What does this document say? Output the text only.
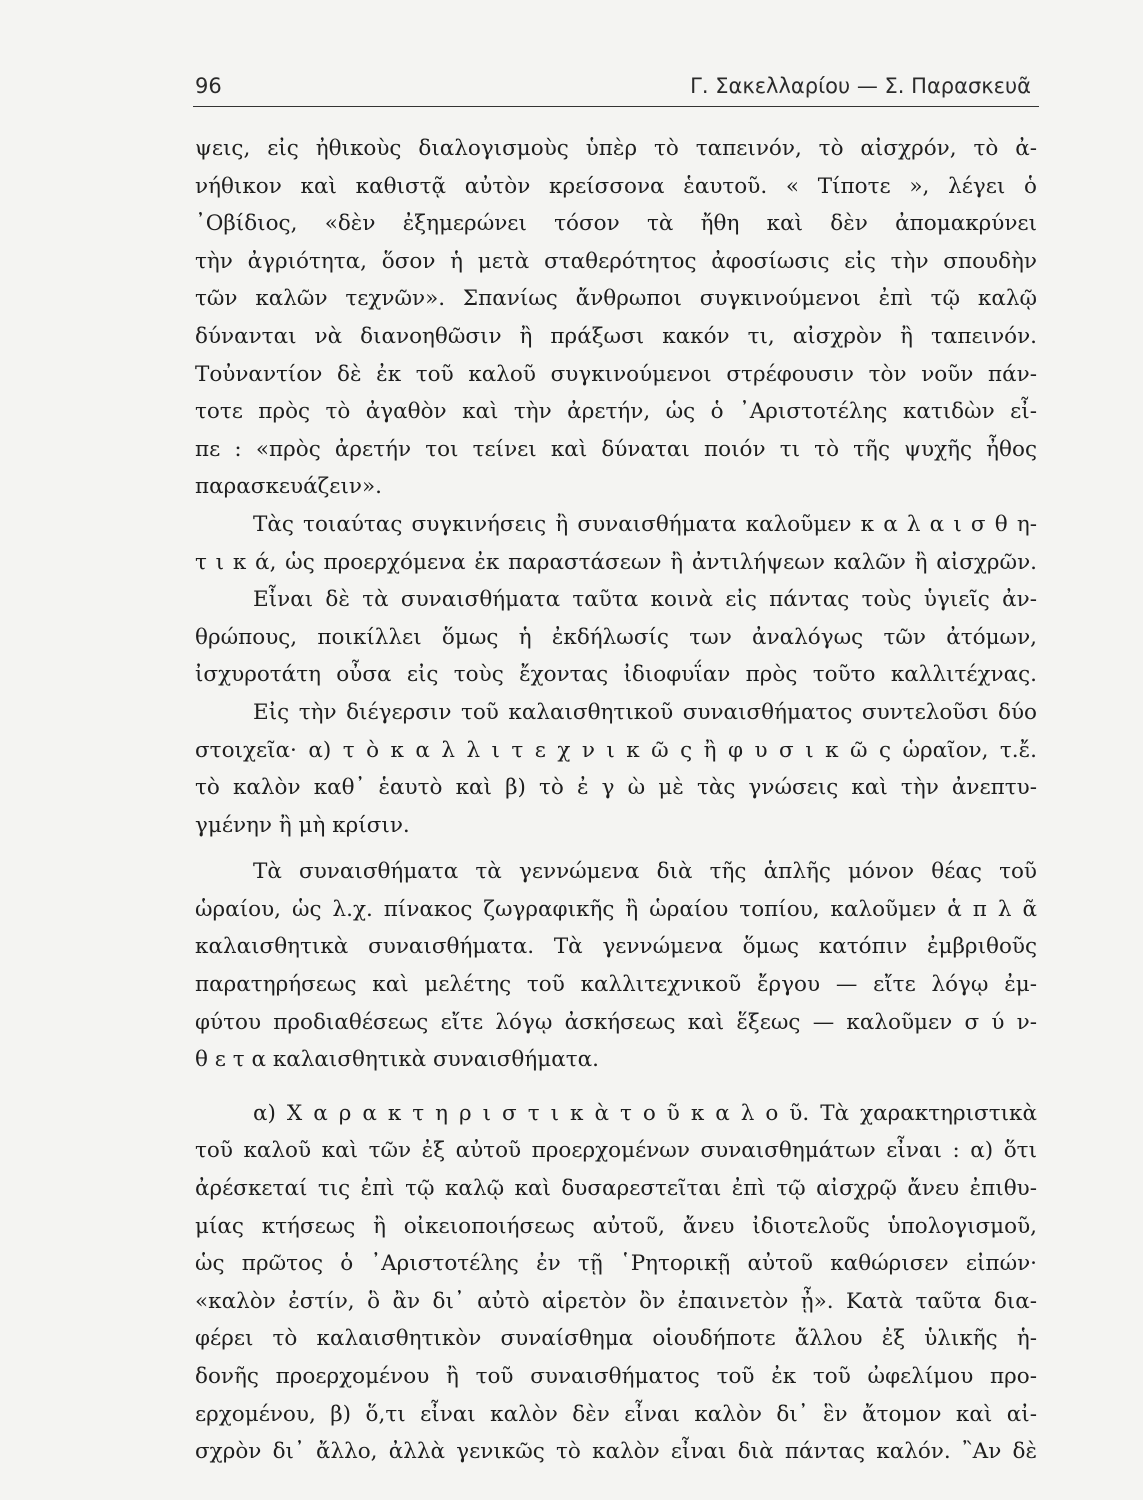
96	Γ. Σακελλαρίου — Σ. Παρασκευᾶ
ψεις, εἰς ἠθικοὺς διαλογισμοὺς ὑπὲρ τὸ ταπεινόν, τὸ αἰσχρόν, τὸ ἀ-
νήθικον καὶ καθιστᾷ αὐτὸν κρείσσονα ἑαυτοῦ. « Τίποτε », λέγει ὁ
᾿Οβίδιος, «δὲν ἐξημερώνει τόσον τὰ ἤθη καὶ δὲν ἀπομακρύνει
τὴν ἀγριότητα, ὅσον ἡ μετὰ σταθερότητος ἀφοσίωσις εἰς τὴν σπουδὴν
τῶν καλῶν τεχνῶν». Σπανίως ἄνθρωποι συγκινούμενοι ἐπὶ τῷ καλῷ
δύνανται νὰ διανοηθῶσιν ἢ πράξωσι κακόν τι, αἰσχρὸν ἢ ταπεινόν.
Τοὐναντίον δὲ ἐκ τοῦ καλοῦ συγκινούμενοι στρέφουσιν τὸν νοῦν πάν-
τοτε πρὸς τὸ ἀγαθὸν καὶ τὴν ἀρετήν, ὡς ὁ ᾿Αριστοτέλης κατιδὼν εἶ-
πε : «πρὸς ἀρετήν τοι τείνει καὶ δύναται ποιόν τι τὸ τῆς ψυχῆς ἦθος
παρασκευάζειν».
Τὰς τοιαύτας συγκινήσεις ἢ συναισθήματα καλοῦμεν κ α λ α ι σ θ η-
τ ι κ ά, ὡς προερχόμενα ἐκ παραστάσεων ἢ ἀντιλήψεων καλῶν ἢ αἰσχρῶν.
Εἶναι δὲ τὰ συναισθήματα ταῦτα κοινὰ εἰς πάντας τοὺς ὑγιεῖς ἀν-
θρώπους, ποικίλλει ὅμως ἡ ἐκδήλωσίς των ἀναλόγως τῶν ἀτόμων,
ἰσχυροτάτη οὖσα εἰς τοὺς ἔχοντας ἰδιοφυΐαν πρὸς τοῦτο καλλιτέχνας.
Εἰς τὴν διέγερσιν τοῦ καλαισθητικοῦ συναισθήματος συντελοῦσι δύο
στοιχεῖα· α) τ ὸ κ α λ λ ι τ ε χ ν ι κ ῶ ς ἢ φ υ σ ι κ ῶ ς ὡραῖον, τ.ἔ.
τὸ καλὸν καθ᾿ ἑαυτὸ καὶ β) τὸ ἐ γ ὼ μὲ τὰς γνώσεις καὶ τὴν ἀνεπτυ-
γμένην ἢ μὴ κρίσιν.
Τὰ συναισθήματα τὰ γεννώμενα διὰ τῆς ἁπλῆς μόνον θέας τοῦ
ὡραίου, ὡς λ.χ. πίνακος ζωγραφικῆς ἢ ὡραίου τοπίου, καλοῦμεν ἁ π λ ᾶ
καλαισθητικὰ συναισθήματα. Τὰ γεννώμενα ὅμως κατόπιν ἐμβριθοῦς
παρατηρήσεως καὶ μελέτης τοῦ καλλιτεχνικοῦ ἔργου — εἴτε λόγῳ ἐμ-
φύτου προδιαθέσεως εἴτε λόγῳ ἀσκήσεως καὶ ἕξεως — καλοῦμεν σ ύ ν-
θ ε τ α καλαισθητικὰ συναισθήματα.
α) Χ α ρ α κ τ η ρ ι σ τ ι κ ὰ τ ο ῦ κ α λ ο ῦ. Τὰ χαρακτηριστικὰ
τοῦ καλοῦ καὶ τῶν ἐξ αὐτοῦ προερχομένων συναισθημάτων εἶναι : α) ὅτι
ἀρέσκεταί τις ἐπὶ τῷ καλῷ καὶ δυσαρεστεῖται ἐπὶ τῷ αἰσχρῷ ἄνευ ἐπιθυ-
μίας κτήσεως ἢ οἰκειοποιήσεως αὐτοῦ, ἄνευ ἰδιοτελοῦς ὑπολογισμοῦ,
ὡς πρῶτος ὁ ᾿Αριστοτέλης ἐν τῇ ῾Ρητορικῇ αὐτοῦ καθώρισεν εἰπών·
«καλὸν ἐστίν, ὃ ἂν δι᾿ αὐτὸ αἱρετὸν ὂν ἐπαινετὸν ᾖ». Κατὰ ταῦτα δια-
φέρει τὸ καλαισθητικὸν συναίσθημα οἱουδήποτε ἄλλου ἐξ ὑλικῆς ἡ-
δονῆς προερχομένου ἢ τοῦ συναισθήματος τοῦ ἐκ τοῦ ὠφελίμου προ-
ερχομένου, β) ὅ,τι εἶναι καλὸν δὲν εἶναι καλὸν δι᾿ ἓν ἄτομον καὶ αἰ-
σχρὸν δι᾿ ἄλλο, ἀλλὰ γενικῶς τὸ καλὸν εἶναι διὰ πάντας καλόν. ῍Αν δὲ
